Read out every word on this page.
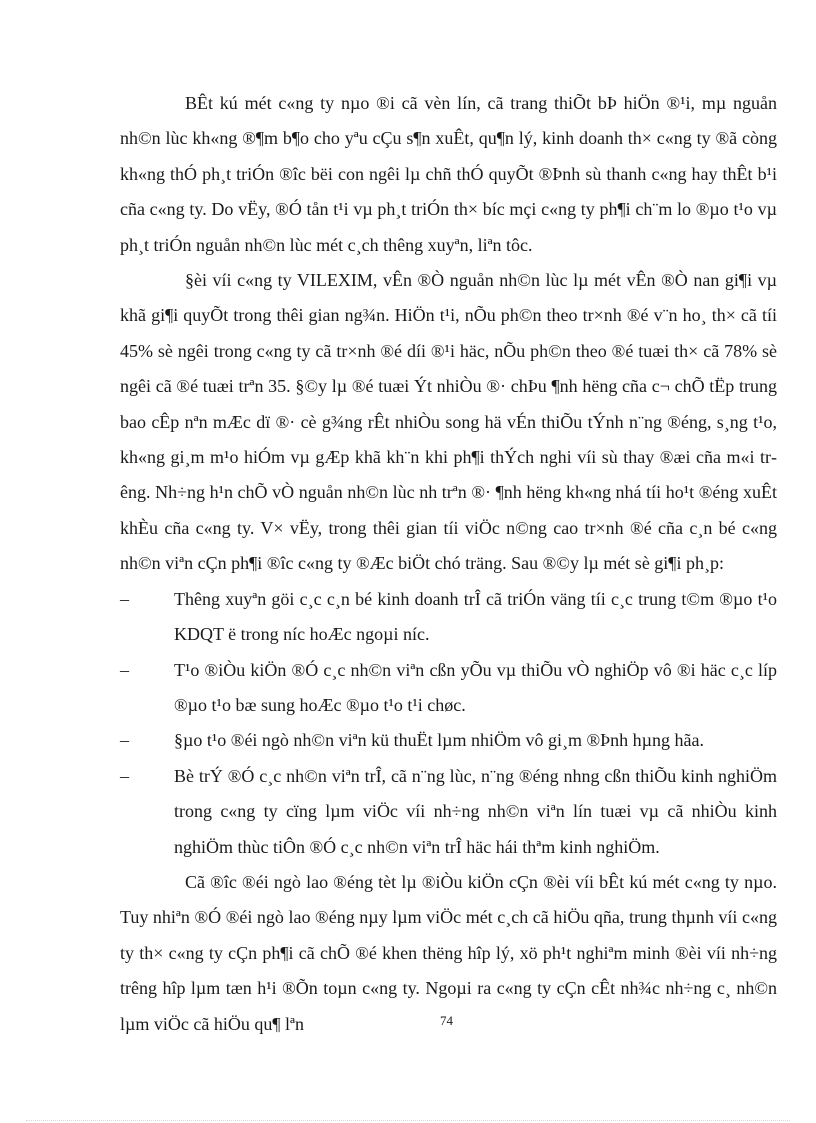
BÊt kú mét c«ng ty nµo ®i cã vèn lín, cã trang thiÕt bÞ hiÖn ®¹i, mµ nguån nh©n lùc kh«ng ®¶m b¶o cho yªu cÇu s¶n xuÊt, qu¶n lý, kinh doanh th× c«ng ty ®ã còng kh«ng thÓ ph¸t triÓn ®îc bëi con ngêi lµ chñ thÓ quyÕt ®Þnh sù thanh c«ng hay thÊt b¹i cña c«ng ty. Do vËy, ®Ó tån t¹i vµ ph¸t triÓn th× bíc mçi c«ng ty ph¶i ch¨m lo ®µo t¹o vµ ph¸t triÓn nguån nh©n lùc mét c¸ch thêng xuyªn, liªn tôc.

§èi víi c«ng ty VILEXIM, vÊn ®Ò nguån nh©n lùc lµ mét vÊn ®Ò nan gi¶i vµ khã gi¶i quyÕt trong thêi gian ng¾n. HiÖn t¹i, nÕu ph©n theo tr×nh ®é v¨n ho¸ th× cã tíi 45% sè ngêi trong c«ng ty cã tr×nh ®é díi ®¹i häc, nÕu ph©n theo ®é tuæi th× cã 78% sè ngêi cã ®é tuæi trªn 35. §©y lµ ®é tuæi Ýt nhiÒu ®· chÞu ¶nh hëng cña c¬ chÕ tËp trung bao cÊp nªn mÆc dï ®· cè g¾ng rÊt nhiÒu song hä vÉn thiÕu tÝnh n¨ng ®éng, s¸ng t¹o, kh«ng gi¸m m¹o hiÓm vµ gÆp khã kh¨n khi ph¶i thÝch nghi víi sù thay ®æi cña m«i trêng. Nh÷ng h¹n chÕ vÒ nguån nh©n lùc nh trªn ®· ¶nh hëng kh«ng nhá tíi ho¹t ®éng xuÊt khÈu cña c«ng ty. V× vËy, trong thêi gian tíi viÖc n©ng cao tr×nh ®é cña c¸n bé c«ng nh©n viªn cÇn ph¶i ®îc c«ng ty ®Æc biÖt chó träng. Sau ®©y lµ mét sè gi¶i ph¸p:

–	Thêng xuyªn göi c¸c c¸n bé kinh doanh trÎ cã triÓn väng tíi c¸c trung t©m ®µo t¹o KDQT ë trong níc hoÆc ngoµi níc.
–	T¹o ®iÒu kiÖn ®Ó c¸c nh©n viªn cßn yÕu vµ thiÕu vÒ nghiÖp vô ®i häc c¸c líp ®µo t¹o bæ sung hoÆc ®µo t¹o t¹i chøc.
–	§µo t¹o ®éi ngò nh©n viªn kü thuËt lµm nhiÖm vô gi¸m ®Þnh hµng hãa.
–	Bè trÝ ®Ó c¸c nh©n viªn trÎ, cã n¨ng lùc, n¨ng ®éng nhng cßn thiÕu kinh nghiÖm trong c«ng ty cïng lµm viÖc víi nh÷ng nh©n viªn lín tuæi vµ cã nhiÒu kinh nghiÖm thùc tiÔn ®Ó c¸c nh©n viªn trÎ häc hái thªm kinh nghiÖm.

Cã ®îc ®éi ngò lao ®éng tèt lµ ®iÒu kiÖn cÇn ®èi víi bÊt kú mét c«ng ty nµo. Tuy nhiªn ®Ó ®éi ngò lao ®éng nµy lµm viÖc mét c¸ch cã hiÖu qña, trung thµnh víi c«ng ty th× c«ng ty cÇn ph¶i cã chÕ ®é khen thëng hîp lý, xö ph¹t nghiªm minh ®èi víi nh÷ng trêng hîp lµm tæn h¹i ®Õn toµn c«ng ty. Ngoµi ra c«ng ty cÇn cÊt nh¾c nh÷ng c¸ nh©n lµm viÖc cã hiÖu qu¶ lªn	74
